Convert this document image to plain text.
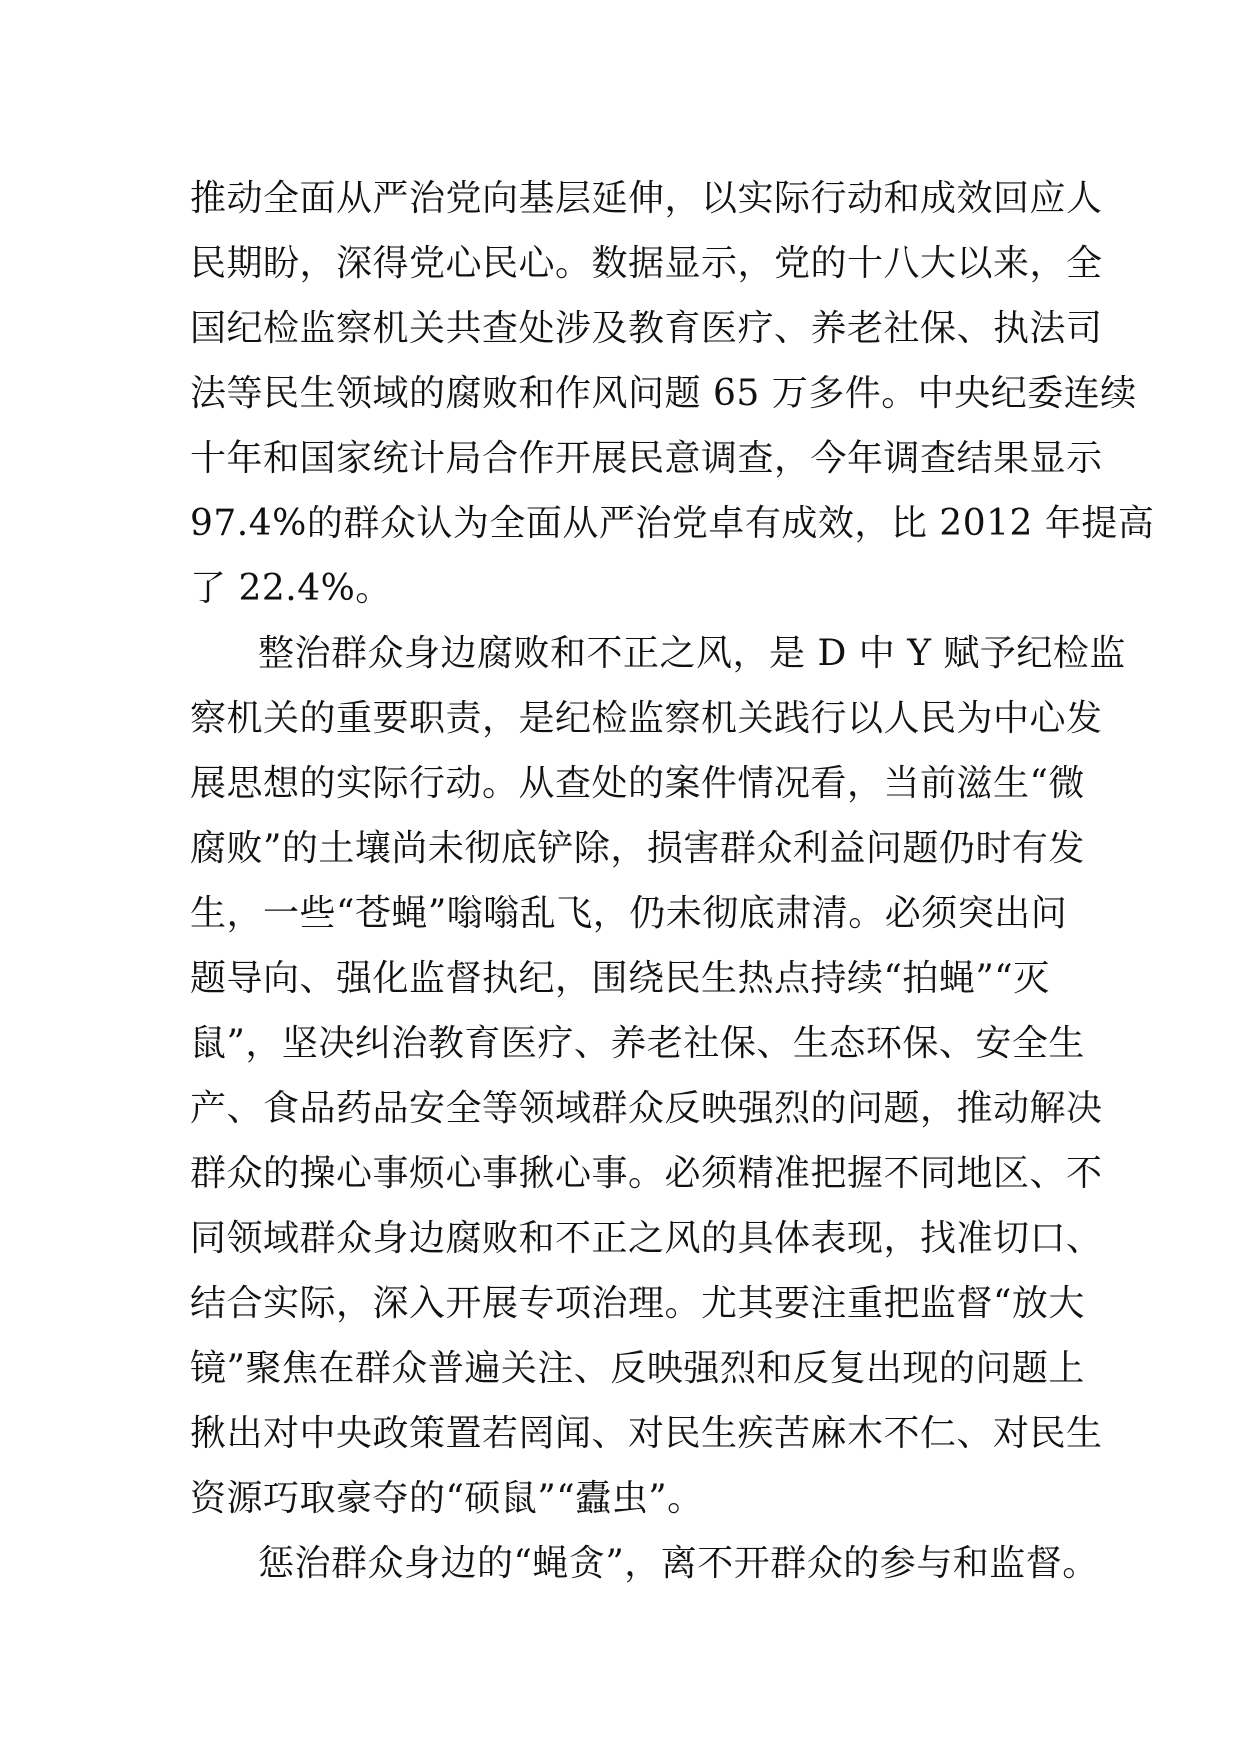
推动全面从严治党向基层延伸，以实际行动和成效回应人
民期盼，深得党心民心。数据显示，党的十八大以来，全
国纪检监察机关共查处涉及教育医疗、养老社保、执法司
法等民生领域的腐败和作风问题 65 万多件。中央纪委连续
十年和国家统计局合作开展民意调查，今年调查结果显示
97.4%的群众认为全面从严治党卓有成效，比 2012 年提高
了 22.4%。
整治群众身边腐败和不正之风，是 D 中 Y 赋予纪检监
察机关的重要职责，是纪检监察机关践行以人民为中心发
展思想的实际行动。从查处的案件情况看，当前滋生“微
腐败”的土壤尚未彻底铲除，损害群众利益问题仍时有发
生，一些“苍蝇”嗡嗡乱飞，仍未彻底肃清。必须突出问
题导向、强化监督执纪，围绕民生热点持续“拍蝇”“灭
鼠”，坚决纠治教育医疗、养老社保、生态环保、安全生
产、食品药品安全等领域群众反映强烈的问题，推动解决
群众的操心事烦心事揪心事。必须精准把握不同地区、不
同领域群众身边腐败和不正之风的具体表现，找准切口、
结合实际，深入开展专项治理。尤其要注重把监督“放大
镜”聚焦在群众普遍关注、反映强烈和反复出现的问题上
揪出对中央政策置若罔闻、对民生疾苦麻木不仁、对民生
资源巧取豪夺的“硕鼠”“蠹虫”。
惩治群众身边的“蝇贪”，离不开群众的参与和监督。
